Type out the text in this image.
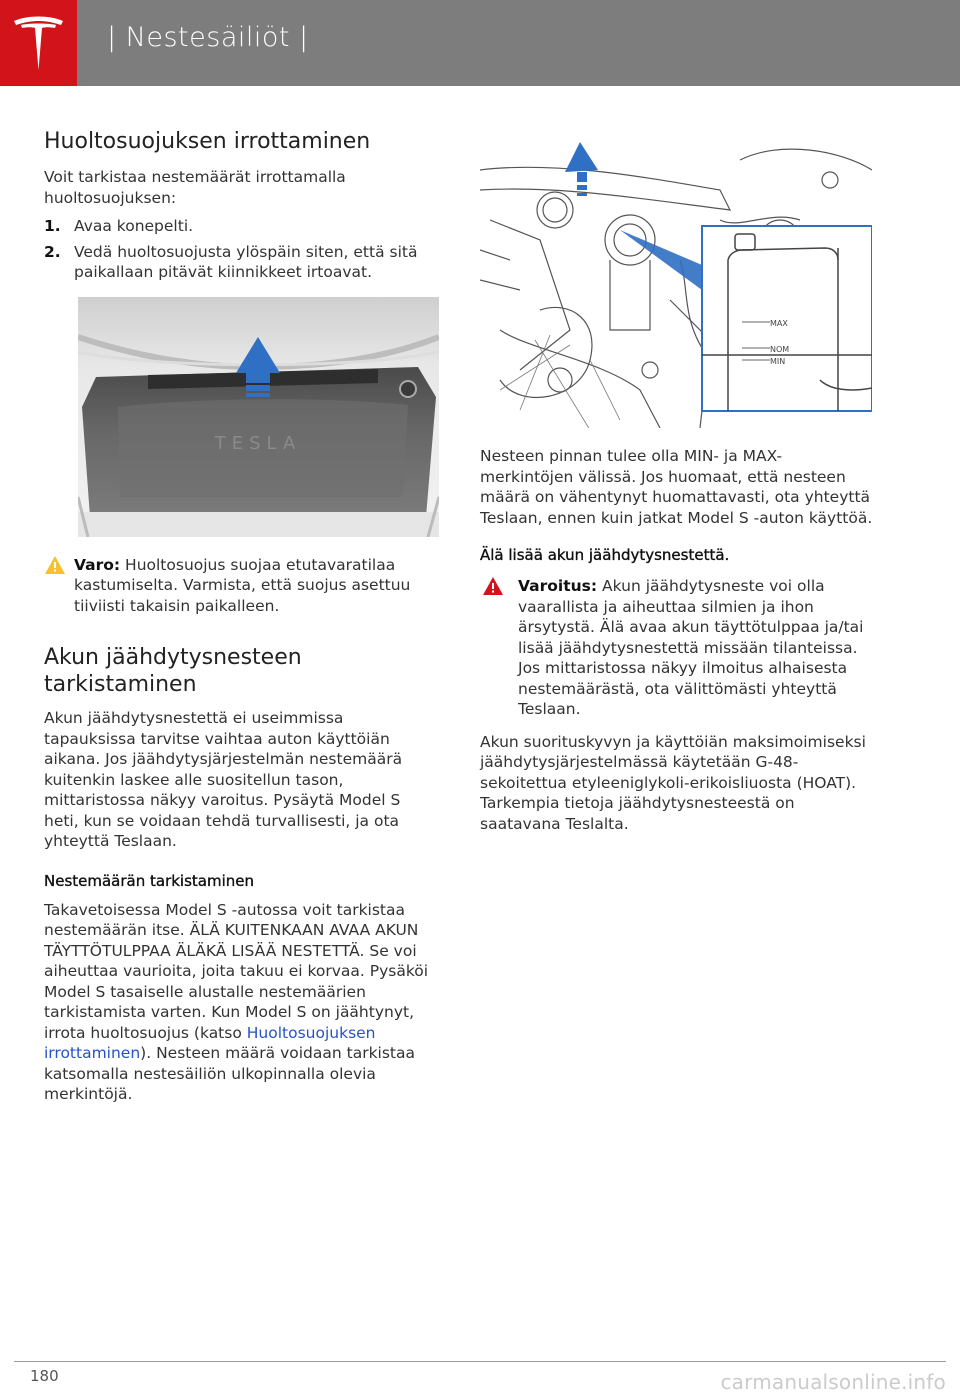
| Nestesäiliöt |
Huoltosuojuksen irrottaminen

Voit tarkistaa nestemäärät irrottamalla huoltosuojuksen:

1. Avaa konepelti.
2. Vedä huoltosuojusta ylöspäin siten, että sitä paikallaan pitävät kiinnikkeet irtoavat.
TESLA
Varo: Huoltosuojus suojaa etutavaratilaa kastumiselta. Varmista, että suojus asettuu tiiviisti takaisin paikalleen.
Akun jäähdytysnesteen tarkistaminen

Akun jäähdytysnestettä ei useimmissa tapauksissa tarvitse vaihtaa auton käyttöiän aikana. Jos jäähdytysjärjestelmän nestemäärä kuitenkin laskee alle suositellun tason, mittaristossa näkyy varoitus. Pysäytä Model S heti, kun se voidaan tehdä turvallisesti, ja ota yhteyttä Teslaan.

Nestemäärän tarkistaminen

Takavetoisessa Model S -autossa voit tarkistaa nestemäärän itse. ÄLÄ KUITENKAAN AVAA AKUN TÄYTTÖTULPPAA ÄLÄKÄ LISÄÄ NESTETTÄ. Se voi aiheuttaa vaurioita, joita takuu ei korvaa. Pysäköi Model S tasaiselle alustalle nestemäärien tarkistamista varten. Kun Model S on jäähtynyt, irrota huoltosuojus (katso Huoltosuojuksen irrottaminen). Nesteen määrä voidaan tarkistaa katsomalla nestesäiliön ulkopinnalla olevia merkintöjä.

MAX
NOM
MIN

Nesteen pinnan tulee olla MIN- ja MAX-merkintöjen välissä. Jos huomaat, että nesteen määrä on vähentynyt huomattavasti, ota yhteyttä Teslaan, ennen kuin jatkat Model S -auton käyttöä.

Älä lisää akun jäähdytysnestettä.
Varoitus: Akun jäähdytysneste voi olla vaarallista ja aiheuttaa silmien ja ihon ärsytystä. Älä avaa akun täyttötulppaa ja/tai lisää jäähdytysnestettä missään tilanteissa. Jos mittaristossa näkyy ilmoitus alhaisesta nestemäärästä, ota välittömästi yhteyttä Teslaan.

Akun suorituskyvyn ja käyttöiän maksimoimiseksi jäähdytysjärjestelmässä käytetään G-48-sekoitettua etyleeniglykoli-erikoisliuosta (HOAT). Tarkempia tietoja jäähdytysnesteestä on saatavana Teslalta.

180	carmanualsonline.info
